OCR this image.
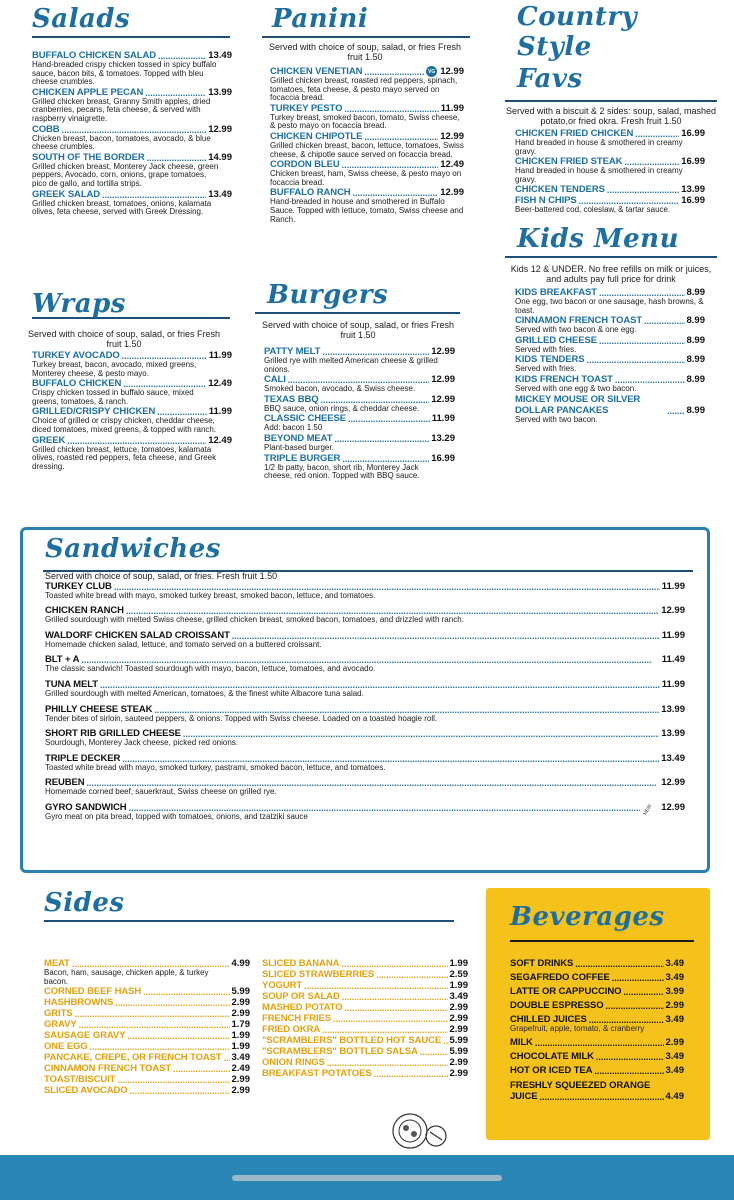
Salads
BUFFALO CHICKEN SALAD .....	13.49
Hand-breaded crispy chicken tossed in spicy buffalo sauce, bacon bits, & tomatoes. Topped with bleu cheese crumbles.
CHICKEN APPLE PECAN .....	13.99
Grilled chicken breast, Granny Smith apples, dried cranberries, pecans, feta cheese, & served with raspberry vinaigrette.
COBB .....	12.99
Chicken breast, bacon, tomatoes, avocado, & blue cheese crumbles.
SOUTH OF THE BORDER .....	14.99
Grilled chicken breast, Monterey Jack cheese, green peppers, Avocado, corn, onions, grape tomatoes, pico de gallo, and tortilla strips.
GREEK SALAD .....	13.49
Grilled chicken breast, tomatoes, onions, kalamata olives, feta cheese, served with Greek Dressing.
Wraps
Served with choice of soup, salad, or fries Fresh fruit 1.50
TURKEY AVOCADO .....	11.99
Turkey breast, bacon, avocado, mixed greens, Monterey cheese, & pesto mayo.
BUFFALO CHICKEN .....	12.49
Crispy chicken tossed in buffalo sauce, mixed greens, tomatoes, & ranch.
GRILLED/CRISPY CHICKEN .....	11.99
Choice of grilled or crispy chicken, cheddar cheese, diced tomatoes, mixed greens, & topped with ranch.
GREEK .....	12.49
Grilled chicken breast, lettuce, tomatoes, kalamata olives, roasted red peppers, feta cheese, and Greek dressing.
Panini
Served with choice of soup, salad, or fries Fresh fruit 1.50
CHICKEN VENETIAN .....	VG 12.99
Grilled chicken breast, roasted red peppers, spinach, tomatoes, feta cheese, & pesto mayo served on focaccia bread.
TURKEY PESTO .....	11.99
Turkey breast, smoked bacon, tomato, Swiss cheese, & pesto mayo on focaccia bread.
CHICKEN CHIPOTLE .....	12.99
Grilled chicken breast, bacon, lettuce, tomatoes, Swiss cheese, & chipotle sauce served on focaccia bread.
CORDON BLEU .....	12.49
Chicken breast, ham, Swiss cheese, & pesto mayo on focaccia bread.
BUFFALO RANCH .....	12.99
Hand-breaded in house and smothered in Buffalo Sauce. Topped with lettuce, tomato, Swiss cheese and Ranch.
Burgers
Served with choice of soup, salad, or fries Fresh fruit 1.50
PATTY MELT .....	12.99
Grilled rye with melted American cheese & grilled onions.
CALI .....	12.99
Smoked bacon, avocado, & Swiss cheese.
TEXAS BBQ .....	12.99
BBQ sauce, onion rings, & cheddar cheese.
CLASSIC CHEESE .....	11.99
Add: bacon 1.50
BEYOND MEAT .....	13.29
Plant-based burger.
TRIPLE BURGER .....	16.99
1/2 lb patty, bacon, short rib, Monterey Jack cheese, red onion. Topped with BBQ sauce.
Country Style
Favs
Served with a biscuit & 2 sides: soup, salad, mashed potato,or fried okra. Fresh fruit 1.50
CHICKEN FRIED CHICKEN .....	16.99
Hand breaded in house & smothered in creamy gravy.
CHICKEN FRIED STEAK .....	16.99
Hand breaded in house & smothered in creamy gravy.
CHICKEN TENDERS .....	13.99
FISH N CHIPS .....	16.99
Beer-battered cod, coleslaw, & tartar sauce.
Kids Menu
Kids 12 & UNDER. No free refills on milk or juices, and adults pay full price for drink
KIDS BREAKFAST .....	8.99
One egg, two bacon or one sausage, hash browns, & toast.
CINNAMON FRENCH TOAST .....	8.99
Served with two bacon & one egg.
GRILLED CHEESE .....	8.99
Served with fries.
KIDS TENDERS .....	8.99
Served with fries.
KIDS FRENCH TOAST .....	8.99
Served with one egg & two bacon.
MICKEY MOUSE OR SILVER DOLLAR PANCAKES .....	8.99
Served with two bacon.
Sandwiches
Served with choice of soup, salad, or fries. Fresh fruit 1.50
TURKEY CLUB .....	11.99
Toasted white bread with mayo, smoked turkey breast, smoked bacon, lettuce, and tomatoes.
CHICKEN RANCH .....	12.99
Grilled sourdough with melted Swiss cheese, grilled chicken breast, smoked bacon, tomatoes, and drizzled with ranch.
WALDORF CHICKEN SALAD CROISSANT .....	11.99
Homemade chicken salad, lettuce, and tomato served on a buttered croissant.
BLT + A .....	11.49
The classic sandwich! Toasted sourdough with mayo, bacon, lettuce, tomatoes, and avocado.
TUNA MELT .....	11.99
Grilled sourdough with melted American, tomatoes, & the finest white Albacore tuna salad.
PHILLY CHEESE STEAK .....	13.99
Tender bites of sirloin, sauteed peppers, & onions. Topped with Swiss cheese. Loaded on a toasted hoagie roll.
SHORT RIB GRILLED CHEESE .....	13.99
Sourdough, Monterey Jack cheese, picked red onions.
TRIPLE DECKER .....	13.49
Toasted white bread with mayo, smoked turkey, pastrami, smoked bacon, lettuce, and tomatoes.
REUBEN .....	12.99
Homemade corned beef, sauerkraut, Swiss cheese on grilled rye.
GYRO SANDWICH .....	NEW 12.99
Gyro meat on pita bread, topped with tomatoes, onions, and tzatziki sauce
Sides
MEAT .....	4.99
Bacon, ham, sausage, chicken apple, & turkey bacon.
CORNED BEEF HASH .....	5.99
HASHBROWNS .....	2.99
GRITS .....	2.99
GRAVY .....	1.79
SAUSAGE GRAVY .....	1.99
ONE EGG .....	1.99
PANCAKE, CREPE, OR FRENCH TOAST ..... 3.49
CINNAMON FRENCH TOAST .....	2.49
TOAST/BISCUIT .....	2.99
SLICED AVOCADO .....	2.99
SLICED BANANA .....	1.99
SLICED STRAWBERRIES .....	2.59
YOGURT .....	1.99
SOUP OR SALAD .....	3.49
MASHED POTATO .....	2.99
FRENCH FRIES .....	2.99
FRIED OKRA .....	2.99
"SCRAMBLERS" BOTTLED HOT SAUCE ..... 5.99
"SCRAMBLERS" BOTTLED SALSA .....	5.99
ONION RINGS .....	2.99
BREAKFAST POTATOES .....	2.99
Beverages
SOFT DRINKS .....	3.49
SEGAFREDO COFFEE .....	3.49
LATTE OR CAPPUCCINO .....	3.99
DOUBLE ESPRESSO .....	2.99
CHILLED JUICES .....	3.49
Grapefruit, apple, tomato, & cranberry
MILK .....	2.99
CHOCOLATE MILK .....	3.49
HOT OR ICED TEA .....	3.49
FRESHLY SQUEEZED ORANGE
JUICE .....	4.49
